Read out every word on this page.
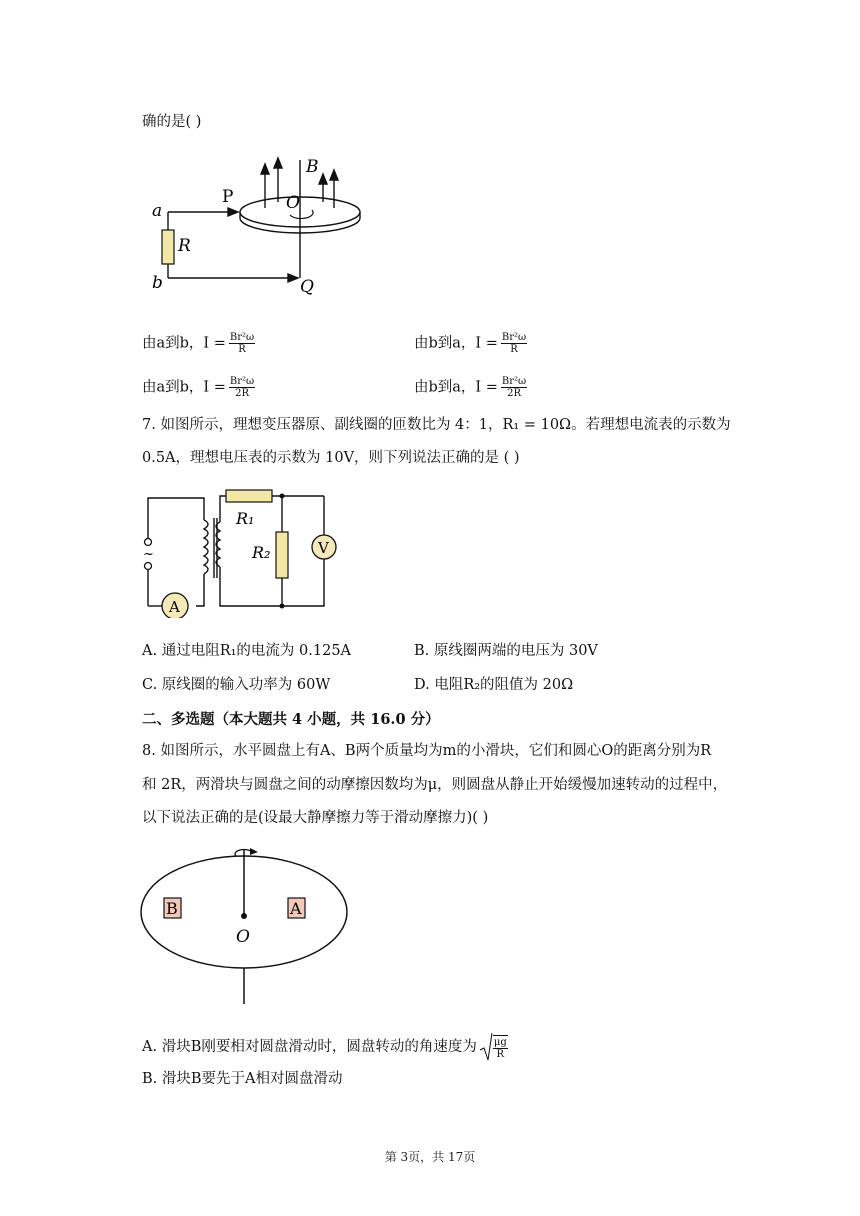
确的是( )
a
b
R
P	O
B
Q
由a到b，$I = \frac{\text{Br²ω}}{R}$	由b到a，$I = \frac{\text{Br²ω}}{R}$
由a到b，$I = \frac{\text{Br²ω}}{2R}$	由b到a，$I = \frac{\text{Br²ω}}{2R}$
7. 如图所示，理想变压器原、副线圈的匝数比为 4：1，R₁ = 10Ω。若理想电流表的示数为
0.5A，理想电压表的示数为 10V，则下列说法正确的是 ( )
~	V
A
R₁
R₂
A. 通过电阻R₁的电流为 0.125A	B. 原线圈两端的电压为 30V
C. 原线圈的输入功率为 60W	D. 电阻R₂的阻值为 20Ω
二、多选题（本大题共 4 小题，共 16.0 分）
8. 如图所示，水平圆盘上有A、B两个质量均为m的小滑块，它们和圆心O的距离分别为R
和 2R，两滑块与圆盘之间的动摩擦因数均为μ，则圆盘从静止开始缓慢加速转动的过程中，
以下说法正确的是(设最大静摩擦力等于滑动摩擦力)( )
B	A
O
A. 滑块B刚要相对圆盘滑动时，圆盘转动的角速度为 $\frac{\mu g}{R}$
B. 滑块B要先于A相对圆盘滑动
第 3页，共 17页
